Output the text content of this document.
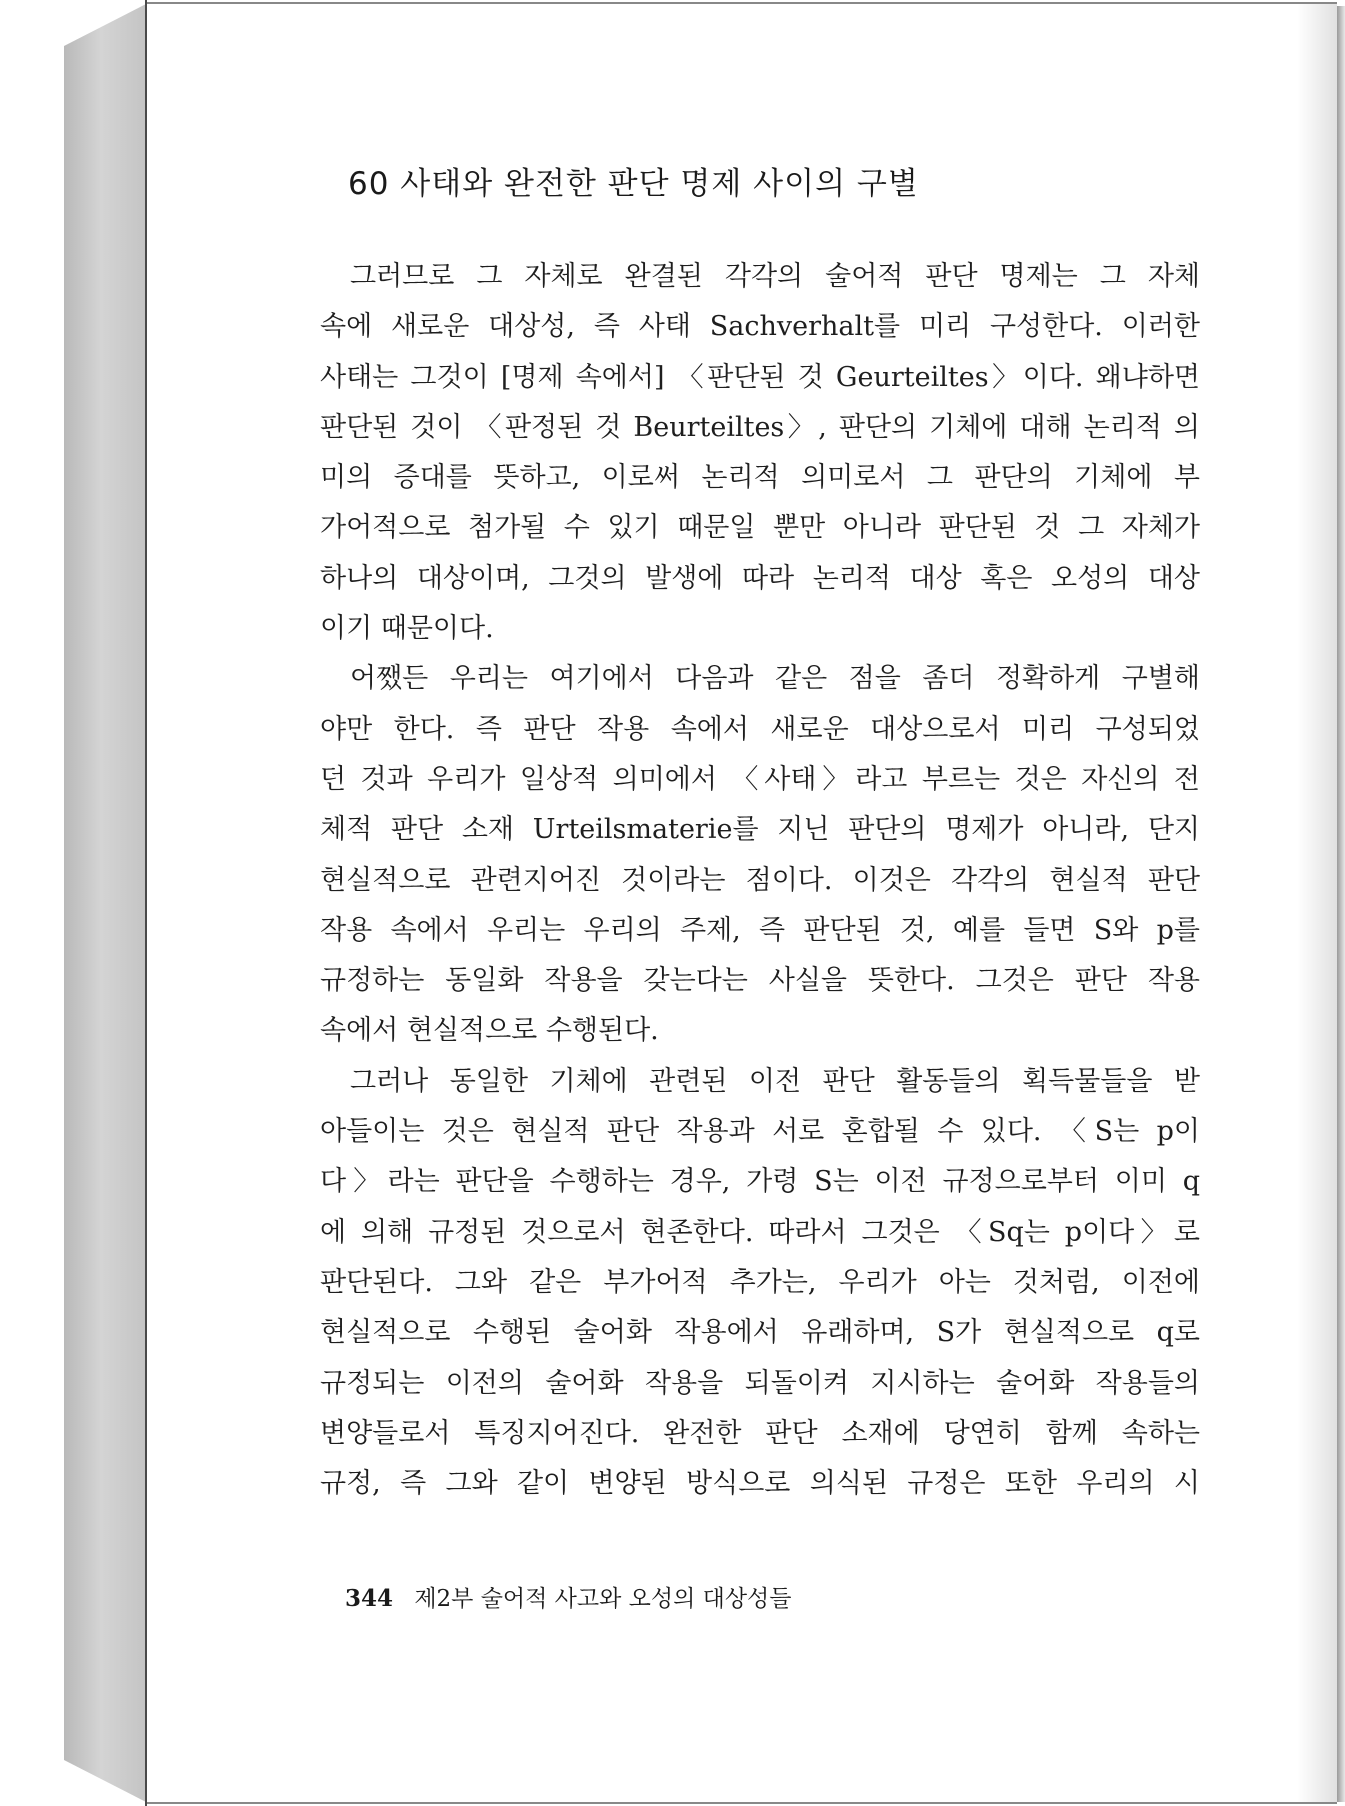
60 사태와 완전한 판단 명제 사이의 구별
그러므로 그 자체로 완결된 각각의 술어적 판단 명제는 그 자체
속에 새로운 대상성, 즉 사태 Sachverhalt를 미리 구성한다. 이러한
사태는 그것이 [명제 속에서] 〈판단된 것 Geurteiltes〉이다. 왜냐하면
판단된 것이 〈판정된 것 Beurteiltes〉, 판단의 기체에 대해 논리적 의
미의 증대를 뜻하고, 이로써 논리적 의미로서 그 판단의 기체에 부
가어적으로 첨가될 수 있기 때문일 뿐만 아니라 판단된 것 그 자체가
하나의 대상이며, 그것의 발생에 따라 논리적 대상 혹은 오성의 대상
이기 때문이다.
어쨌든 우리는 여기에서 다음과 같은 점을 좀더 정확하게 구별해
야만 한다. 즉 판단 작용 속에서 새로운 대상으로서 미리 구성되었
던 것과 우리가 일상적 의미에서 〈사태〉라고 부르는 것은 자신의 전
체적 판단 소재 Urteilsmaterie를 지닌 판단의 명제가 아니라, 단지
현실적으로 관련지어진 것이라는 점이다. 이것은 각각의 현실적 판단
작용 속에서 우리는 우리의 주제, 즉 판단된 것, 예를 들면 S와 p를
규정하는 동일화 작용을 갖는다는 사실을 뜻한다. 그것은 판단 작용
속에서 현실적으로 수행된다.
그러나 동일한 기체에 관련된 이전 판단 활동들의 획득물들을 받
아들이는 것은 현실적 판단 작용과 서로 혼합될 수 있다. 〈S는 p이
다〉라는 판단을 수행하는 경우, 가령 S는 이전 규정으로부터 이미 q
에 의해 규정된 것으로서 현존한다. 따라서 그것은 〈Sq는 p이다〉로
판단된다. 그와 같은 부가어적 추가는, 우리가 아는 것처럼, 이전에
현실적으로 수행된 술어화 작용에서 유래하며, S가 현실적으로 q로
규정되는 이전의 술어화 작용을 되돌이켜 지시하는 술어화 작용들의
변양들로서 특징지어진다. 완전한 판단 소재에 당연히 함께 속하는
규정, 즉 그와 같이 변양된 방식으로 의식된 규정은 또한 우리의 시
344 제2부 술어적 사고와 오성의 대상성들
